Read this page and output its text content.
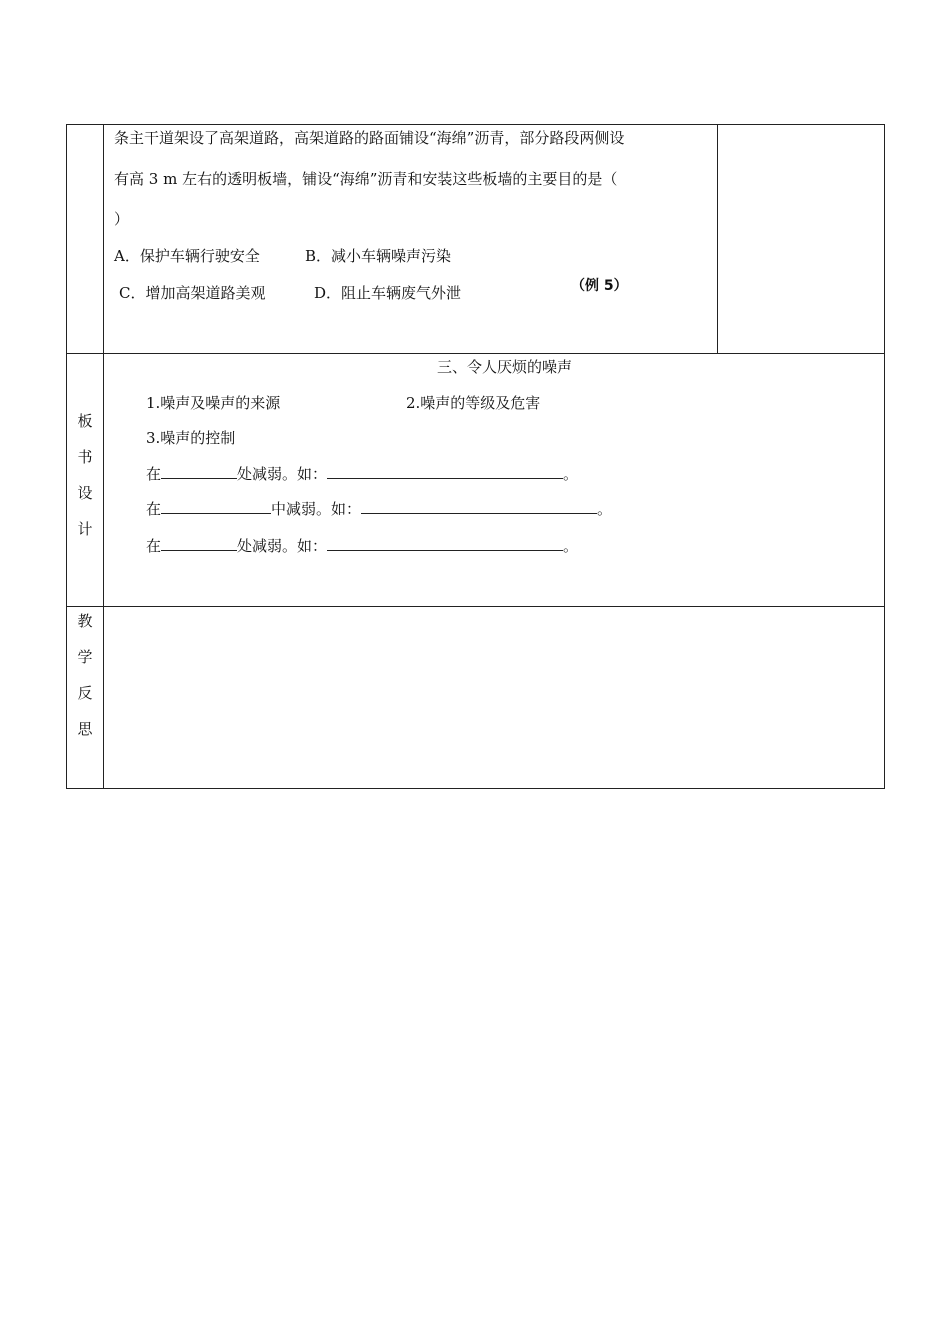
条主干道架设了高架道路，高架道路的路面铺设“海绵”沥青，部分路段两侧设
有高 3 m 左右的透明板墙，铺设“海绵”沥青和安装这些板墙的主要目的是（
）
A．保护车辆行驶安全	B．减小车辆噪声污染
C．增加高架道路美观	D．阻止车辆废气外泄	（例 5）
板
书
设
计
三、令人厌烦的噪声
1.噪声及噪声的来源	2.噪声的等级及危害
3.噪声的控制
在	处减弱。如：	。
在	中减弱。如：	。
在	处减弱。如：	。
教
学
反
思
